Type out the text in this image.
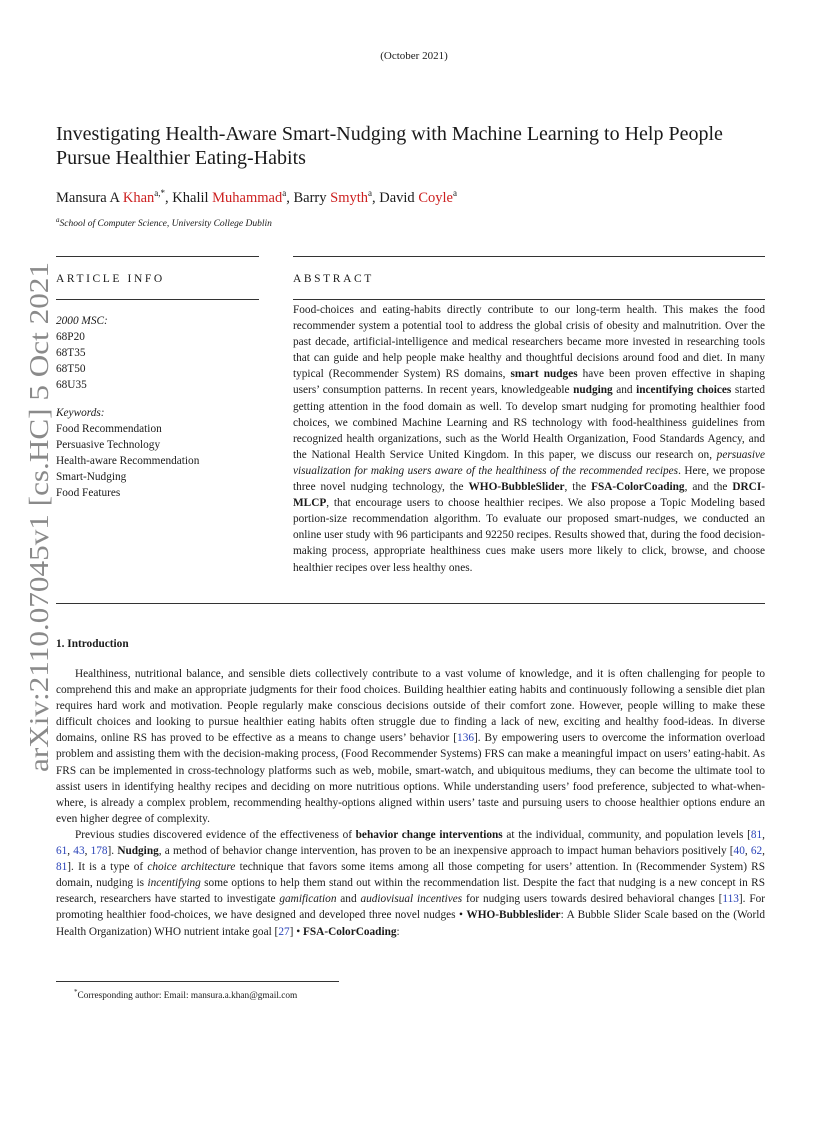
(October 2021)
Investigating Health-Aware Smart-Nudging with Machine Learning to Help People Pursue Healthier Eating-Habits
Mansura A Khan$^{a,*}$, Khalil Muhammad$^a$, Barry Smyth$^a$, David Coyle$^a$
$^a$School of Computer Science, University College Dublin
ARTICLE INFO	ABSTRACT
2000 MSC:
68P20
68T35
68T50
68U35
Keywords:
Food Recommendation
Persuasive Technology
Health-aware Recommendation
Smart-Nudging
Food Features
Food-choices and eating-habits directly contribute to our long-term health. This makes the food recommender system a potential tool to address the global crisis of obesity and malnutrition. Over the past decade, artificial-intelligence and medical researchers became more invested in researching tools that can guide and help people make healthy and thoughtful decisions around food and diet. In many typical (Recommender System) RS domains, smart nudges have been proven effective in shaping users’ consumption patterns. In recent years, knowledgeable nudging and incentifying choices started getting attention in the food domain as well. To develop smart nudging for promoting healthier food choices, we combined Machine Learning and RS technology with food-healthiness guidelines from recognized health organizations, such as the World Health Organization, Food Standards Agency, and the National Health Service United Kingdom. In this paper, we discuss our research on, persuasive visualization for making users aware of the healthiness of the recommended recipes. Here, we propose three novel nudging technology, the WHO-BubbleSlider, the FSA-ColorCoading, and the DRCI-MLCP, that encourage users to choose healthier recipes. We also propose a Topic Modeling based portion-size recommendation algorithm. To evaluate our proposed smart-nudges, we conducted an online user study with 96 participants and 92250 recipes. Results showed that, during the food decision-making process, appropriate healthiness cues make users more likely to click, browse, and choose healthier recipes over less healthy ones.
1. Introduction

Healthiness, nutritional balance, and sensible diets collectively contribute to a vast volume of knowledge, and it is often challenging for people to comprehend this and make an appropriate judgments for their food choices. Building healthier eating habits and continuously following a sensible diet plan requires hard work and motivation. People regularly make conscious decisions outside of their comfort zone. However, people willing to make these difficult choices and looking to pursue healthier eating habits often struggle due to finding a lack of new, exciting and healthy food-ideas. In diverse domains, online RS has proved to be effective as a means to change users’ behavior [136]. By empowering users to overcome the information overload problem and assisting them with the decision-making process, (Food Recommender Systems) FRS can make a meaningful impact on users’ eating-habit. As FRS can be implemented in cross-technology platforms such as web, mobile, smart-watch, and ubiquitous mediums, they can become the ultimate tool to assist users in identifying healthy recipes and deciding on more nutritious options. While understanding users’ food preference, subjected to what-when-where, is already a complex problem, recommending healthy-options aligned within users’ taste and pursuing users to choose healthier options endure an even higher degree of complexity.

Previous studies discovered evidence of the effectiveness of behavior change interventions at the individual, community, and population levels [81, 61, 43, 178]. Nudging, a method of behavior change intervention, has proven to be an inexpensive approach to impact human behaviors positively [40, 62, 81]. It is a type of choice architecture technique that favors some items among all those competing for users’ attention. In (Recommender System) RS domain, nudging is incentifying some options to help them stand out within the recommendation list. Despite the fact that nudging is a new concept in RS research, researchers have started to investigate gamification and audiovisual incentives for nudging users towards desired behavioral changes [113]. For promoting healthier food-choices, we have designed and developed three novel nudges • WHO-Bubbleslider: A Bubble Slider Scale based on the (World Health Organization) WHO nutrient intake goal [27] • FSA-ColorCoading:

*Corresponding author: Email: mansura.a.khan@gmail.com
arXiv:2110.07045v1 [cs.HC] 5 Oct 2021
